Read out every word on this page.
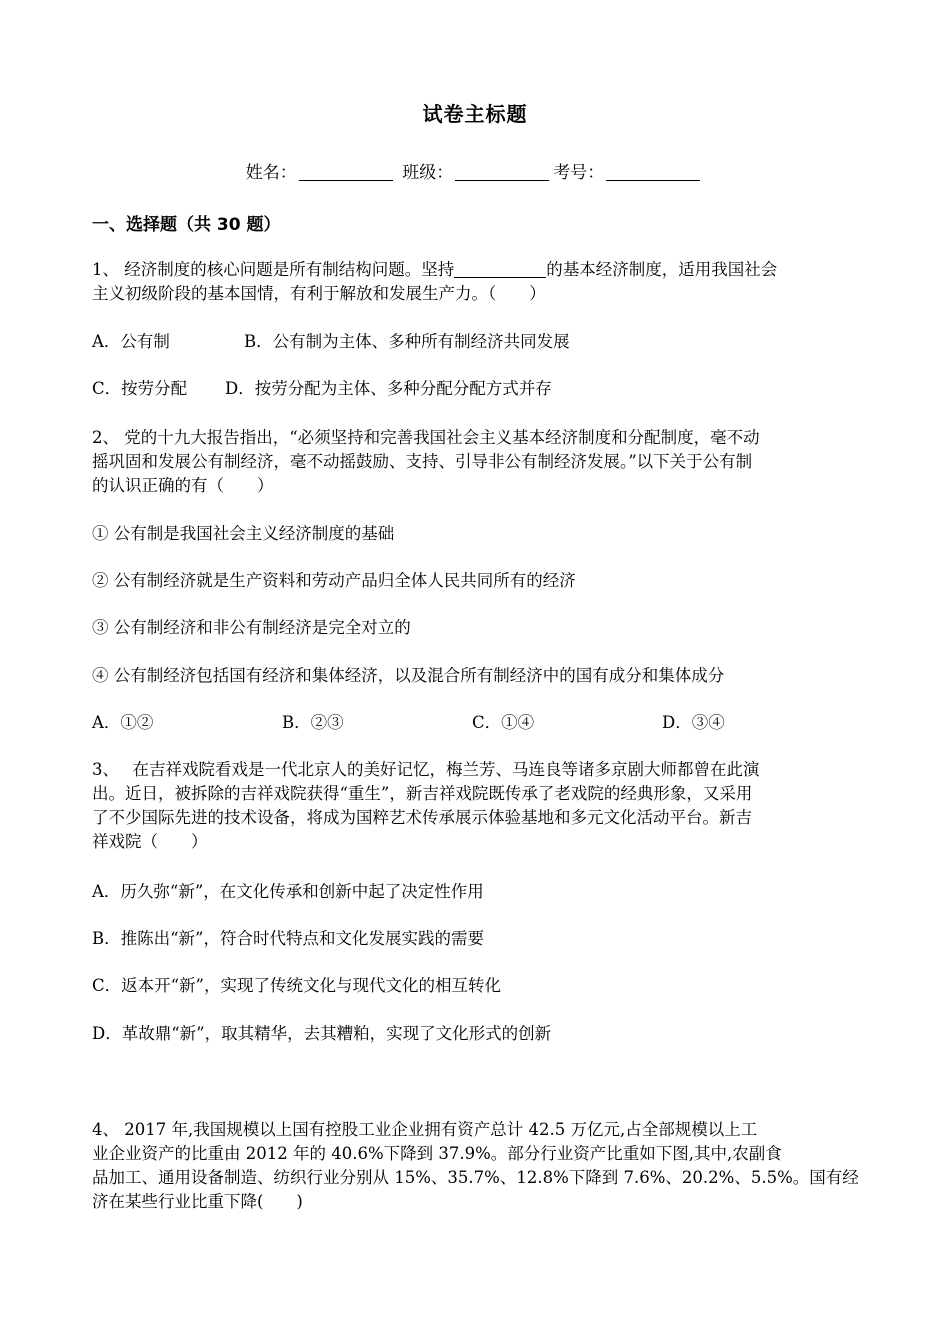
试卷主标题
姓名：	班级：	考号：
一、选择题（共 30 题）
1、 经济制度的核心问题是所有制结构问题。坚持	的基本经济制度，适用我国社会
主义初级阶段的基本国情，有利于解放和发展生产力。（　　）
A．公有制	B．公有制为主体、多种所有制经济共同发展
C．按劳分配 D．按劳分配为主体、多种分配分配方式并存
2、 党的十九大报告指出，“必须坚持和完善我国社会主义基本经济制度和分配制度，毫不动
摇巩固和发展公有制经济，毫不动摇鼓励、支持、引导非公有制经济发展。”以下关于公有制
的认识正确的有（　　）
① 公有制是我国社会主义经济制度的基础
② 公有制经济就是生产资料和劳动产品归全体人民共同所有的经济
③ 公有制经济和非公有制经济是完全对立的
④ 公有制经济包括国有经济和集体经济，以及混合所有制经济中的国有成分和集体成分
A．①②	B．②③	C．①④	D．③④
3、　 在吉祥戏院看戏是一代北京人的美好记忆，梅兰芳、马连良等诸多京剧大师都曾在此演
出。近日，被拆除的吉祥戏院获得“重生”，新吉祥戏院既传承了老戏院的经典形象，又采用
了不少国际先进的技术设备，将成为国粹艺术传承展示体验基地和多元文化活动平台。新吉
祥戏院（　　）
A．历久弥“新”，在文化传承和创新中起了决定性作用
B．推陈出“新”，符合时代特点和文化发展实践的需要
C．返本开“新”，实现了传统文化与现代文化的相互转化
D．革故鼎“新”，取其精华，去其糟粕，实现了文化形式的创新
4、 2017 年,我国规模以上国有控股工业企业拥有资产总计 42.5 万亿元,占全部规模以上工
业企业资产的比重由 2012 年的 40.6%下降到 37.9%。部分行业资产比重如下图,其中,农副食
品加工、通用设备制造、纺织行业分别从 15%、35.7%、12.8%下降到 7.6%、20.2%、5.5%。国有经
济在某些行业比重下降(　　)
